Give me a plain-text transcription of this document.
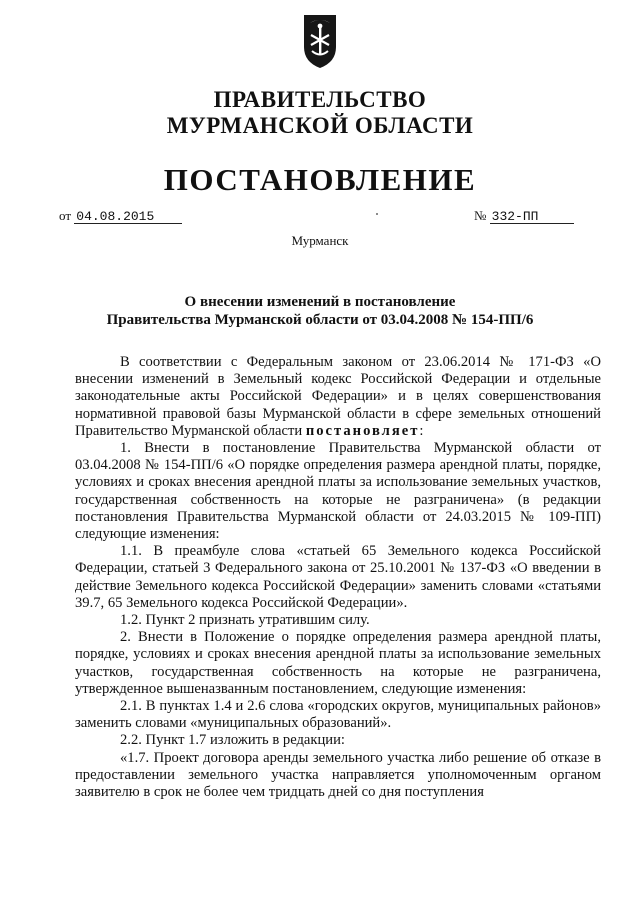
ПРАВИТЕЛЬСТВО
МУРМАНСКОЙ ОБЛАСТИ
ПОСТАНОВЛЕНИЕ
от 04.08.2015	№ 332-ПП
Мурманск
О внесении изменений в постановление
Правительства Мурманской области от 03.04.2008 № 154-ПП/6

В соответствии с Федеральным законом от 23.06.2014 № 171-ФЗ «О внесении изменений в Земельный кодекс Российской Федерации и отдельные законодательные акты Российской Федерации» и в целях совершенствования нормативной правовой базы Мурманской области в сфере земельных отношений Правительство Мурманской области постановляет:

1. Внести в постановление Правительства Мурманской области от 03.04.2008 № 154-ПП/6 «О порядке определения размера арендной платы, порядке, условиях и сроках внесения арендной платы за использование земельных участков, государственная собственность на которые не разграничена» (в редакции постановления Правительства Мурманской области от 24.03.2015 № 109-ПП) следующие изменения:

1.1. В преамбуле слова «статьей 65 Земельного кодекса Российской Федерации, статьей 3 Федерального закона от 25.10.2001 № 137-ФЗ «О введении в действие Земельного кодекса Российской Федерации» заменить словами «статьями 39.7, 65 Земельного кодекса Российской Федерации».

1.2. Пункт 2 признать утратившим силу.

2. Внести в Положение о порядке определения размера арендной платы, порядке, условиях и сроках внесения арендной платы за использование земельных участков, государственная собственность на которые не разграничена, утвержденное вышеназванным постановлением, следующие изменения:

2.1. В пунктах 1.4 и 2.6 слова «городских округов, муниципальных районов» заменить словами «муниципальных образований».

2.2. Пункт 1.7 изложить в редакции:

«1.7. Проект договора аренды земельного участка либо решение об отказе в предоставлении земельного участка направляется уполномоченным органом заявителю в срок не более чем тридцать дней со дня поступления
